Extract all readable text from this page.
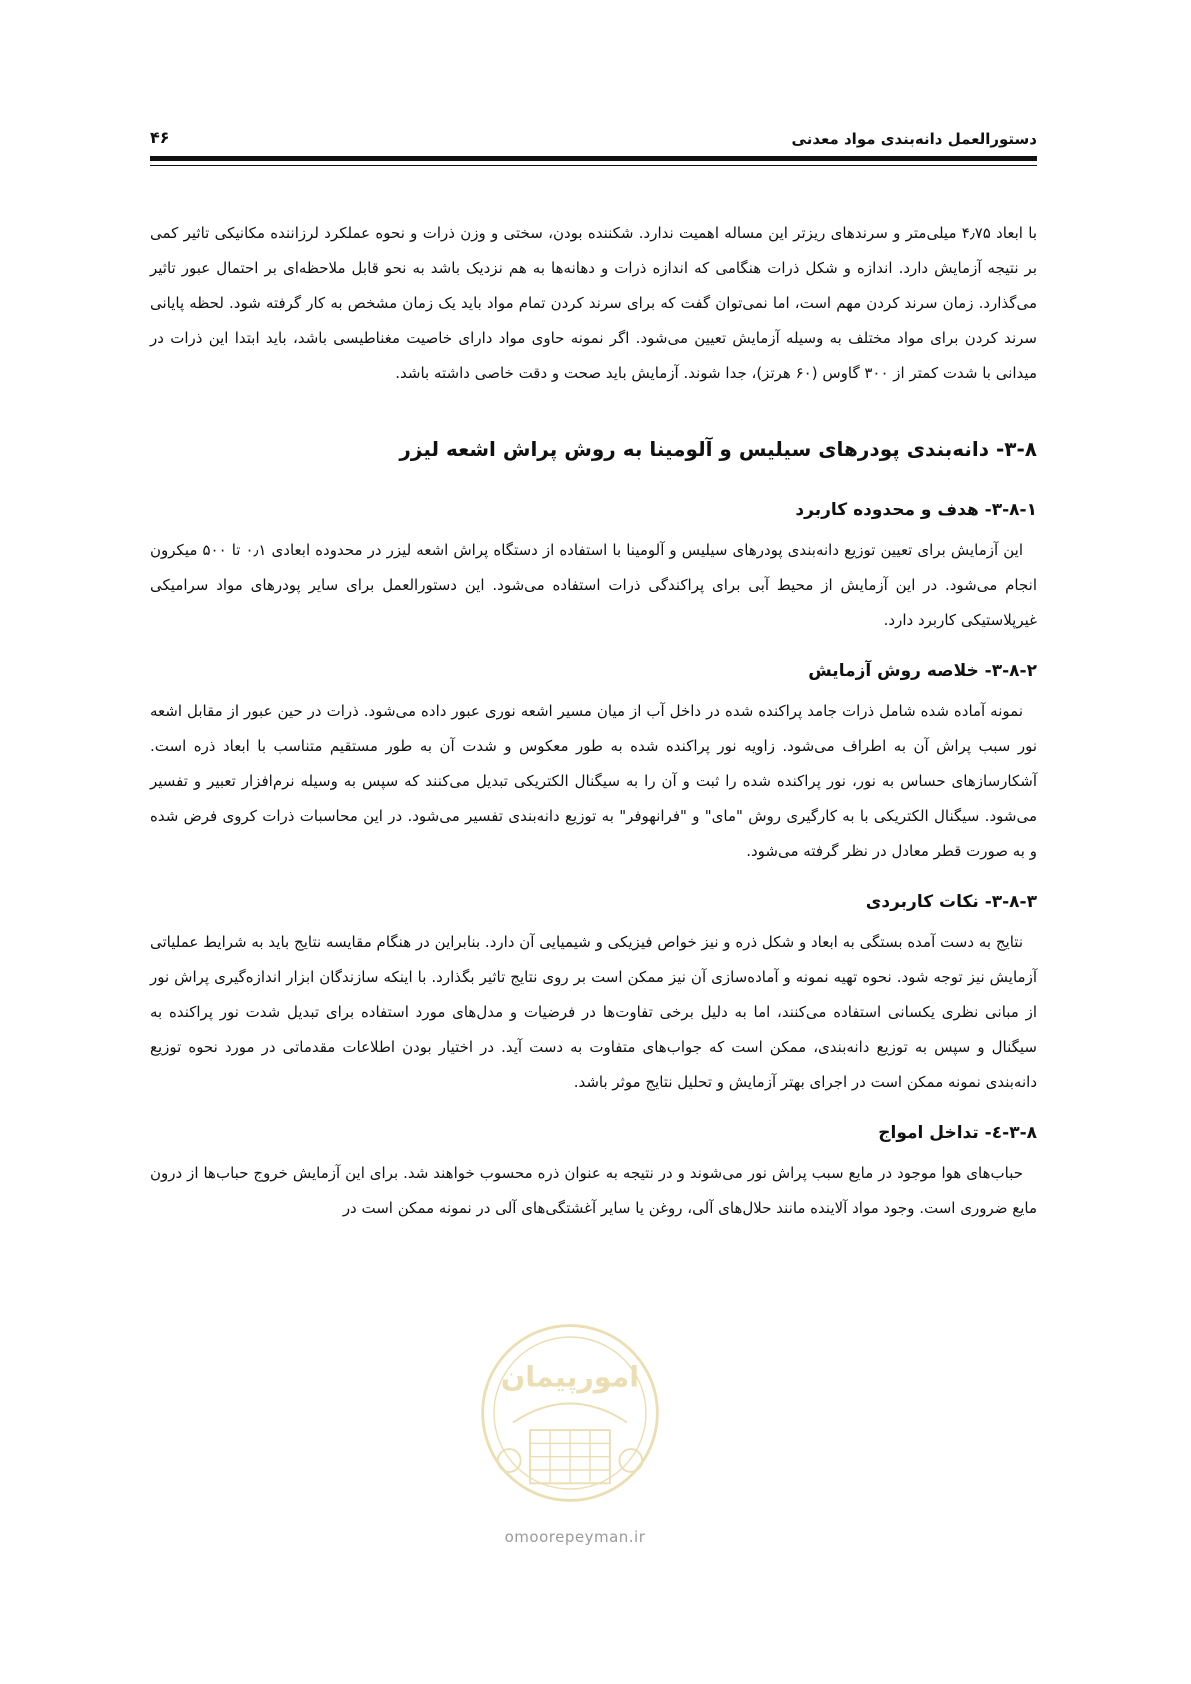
دستورالعمل دانه‌بندی مواد معدنی
۴۶

با ابعاد ۴٫۷۵ میلی‌متر و سرندهای ریزتر این مساله اهمیت ندارد. شکننده بودن، سختی و وزن ذرات و نحوه عملکرد لرزاننده مکانیکی تاثیر کمی بر نتیجه آزمایش دارد. اندازه و شکل ذرات هنگامی که اندازه ذرات و دهانه‌ها به هم نزدیک باشد به نحو قابل ملاحظه‌ای بر احتمال عبور تاثیر می‌گذارد. زمان سرند کردن مهم است، اما نمی‌توان گفت که برای سرند کردن تمام مواد باید یک زمان مشخص به کار گرفته شود. لحظه پایانی سرند کردن برای مواد مختلف به وسیله آزمایش تعیین می‌شود. اگر نمونه حاوی مواد دارای خاصیت مغناطیسی باشد، باید ابتدا این ذرات در میدانی با شدت کمتر از ۳۰۰ گاوس (۶۰ هرتز)، جدا شوند. آزمایش باید صحت و دقت خاصی داشته باشد.

۳-۸- دانه‌بندی پودرهای سیلیس و آلومینا به روش پراش اشعه لیزر
۳-۸-۱- هدف و محدوده کاربرد

این آزمایش برای تعیین توزیع دانه‌بندی پودرهای سیلیس و آلومینا با استفاده از دستگاه پراش اشعه لیزر در محدوده ابعادی ۰٫۱ تا ۵۰۰ میکرون انجام می‌شود. در این آزمایش از محیط آبی برای پراکندگی ذرات استفاده می‌شود. این دستورالعمل برای سایر پودرهای مواد سرامیکی غیرپلاستیکی کاربرد دارد.

۳-۸-۲- خلاصه روش آزمایش

نمونه آماده شده شامل ذرات جامد پراکنده شده در داخل آب از میان مسیر اشعه نوری عبور داده می‌شود. ذرات در حین عبور از مقابل اشعه نور سبب پراش آن به اطراف می‌شود. زاویه نور پراکنده شده به طور معکوس و شدت آن به طور مستقیم متناسب با ابعاد ذره است. آشکارسازهای حساس به نور، نور پراکنده شده را ثبت و آن را به سیگنال الکتریکی تبدیل می‌کنند که سپس به وسیله نرم‌افزار تعبیر و تفسیر می‌شود. سیگنال الکتریکی با به کارگیری روش "مای" و "فرانهوفر" به توزیع دانه‌بندی تفسیر می‌شود. در این محاسبات ذرات کروی فرض شده و به صورت قطر معادل در نظر گرفته می‌شود.

۳-۸-۳- نکات کاربردی

نتایج به دست آمده بستگی به ابعاد و شکل ذره و نیز خواص فیزیکی و شیمیایی آن دارد. بنابراین در هنگام مقایسه نتایج باید به شرایط عملیاتی آزمایش نیز توجه شود. نحوه تهیه نمونه و آماده‌سازی آن نیز ممکن است بر روی نتایج تاثیر بگذارد. با اینکه سازندگان ابزار اندازه‌گیری پراش نور از مبانی نظری یکسانی استفاده می‌کنند، اما به دلیل برخی تفاوت‌ها در فرضیات و مدل‌های مورد استفاده برای تبدیل شدت نور پراکنده به سیگنال و سپس به توزیع دانه‌بندی، ممکن است که جواب‌های متفاوت به دست آید. در اختیار بودن اطلاعات مقدماتی در مورد نحوه توزیع دانه‌بندی نمونه ممکن است در اجرای بهتر آزمایش و تحلیل نتایج موثر باشد.

۳-۸-٤- تداخل امواج

حباب‌های هوا موجود در مایع سبب پراش نور می‌شوند و در نتیجه به عنوان ذره محسوب خواهند شد. برای این آزمایش خروج حباب‌ها از درون مایع ضروری است. وجود مواد آلاینده مانند حلال‌های آلی، روغن یا سایر آغشتگی‌های آلی در نمونه ممکن است در

امورپیمان
omoorepeyman.ir
